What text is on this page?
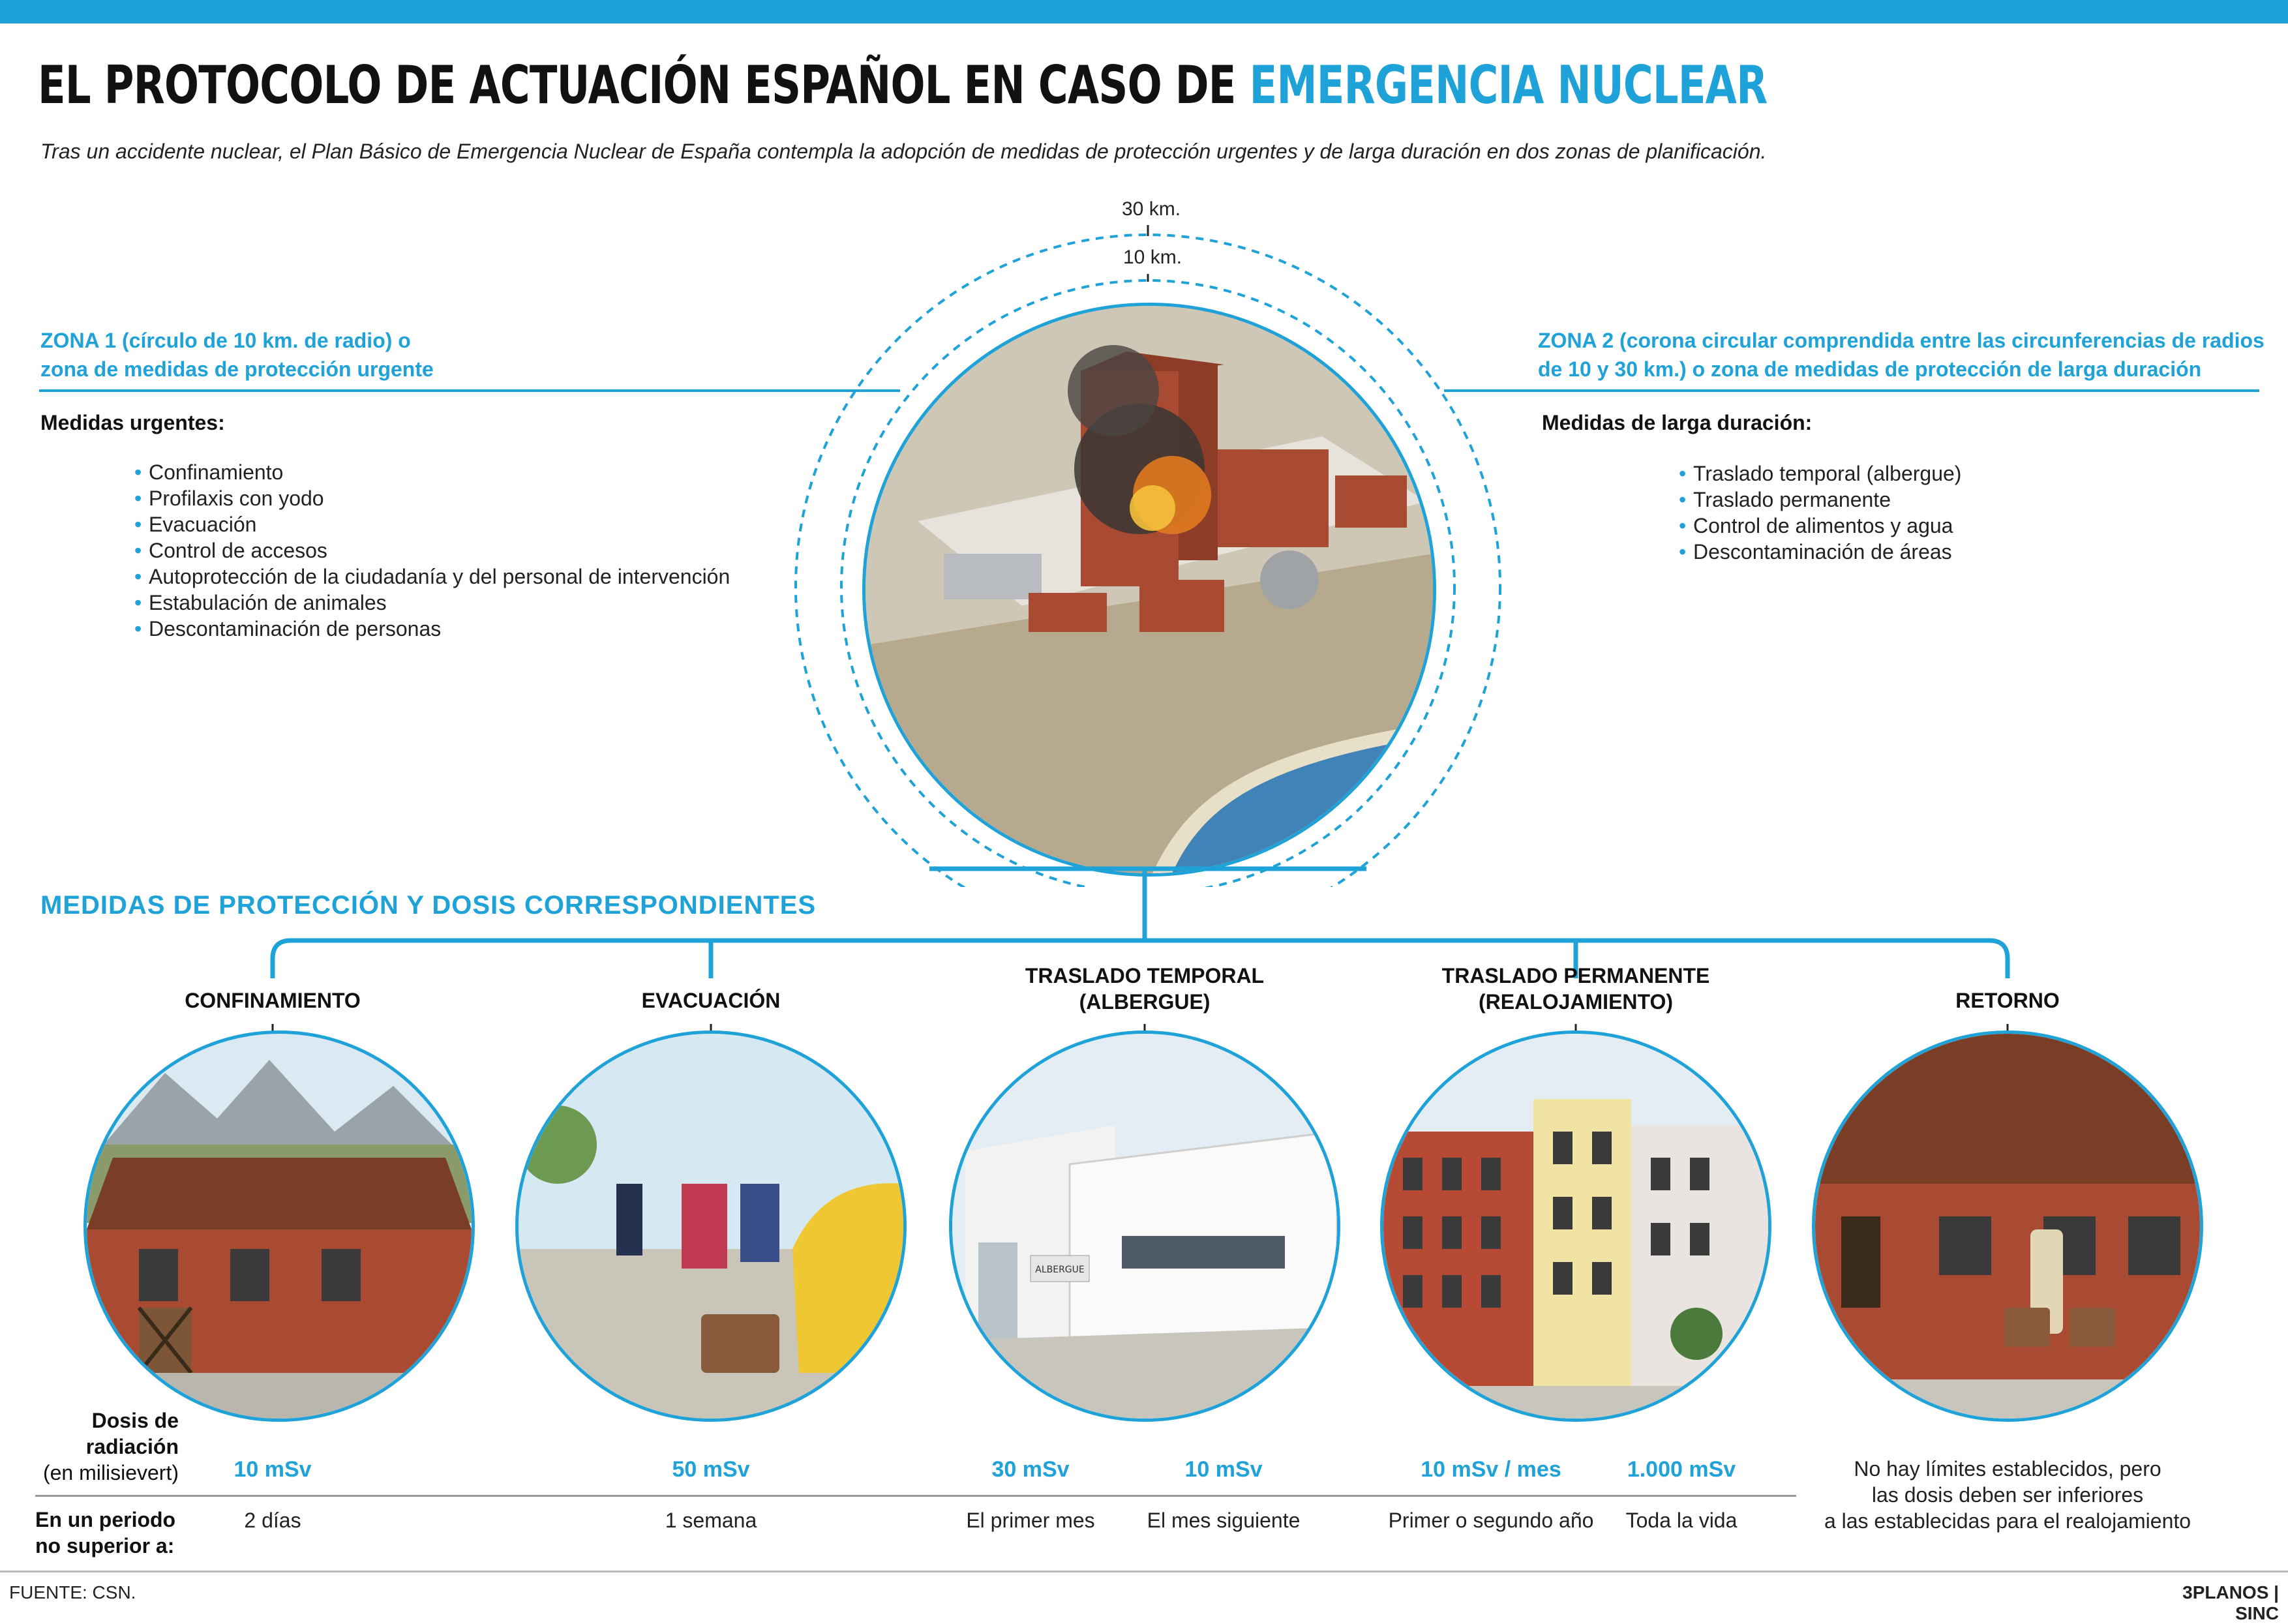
EL PROTOCOLO DE ACTUACIÓN ESPAÑOL EN CASO DE EMERGENCIA NUCLEAR
Tras un accidente nuclear, el Plan Básico de Emergencia Nuclear de España contempla la adopción de medidas de protección urgentes y de larga duración en dos zonas de planificación.
30 km.
10 km.
ZONA 1 (círculo de 10 km. de radio) o
zona de medidas de protección urgente
Medidas urgentes:
• Confinamiento
• Profilaxis con yodo
• Evacuación
• Control de accesos
• Autoprotección de la ciudadanía y del personal de intervención
• Estabulación de animales
• Descontaminación de personas
ZONA 2 (corona circular comprendida entre las circunferencias de radios
de 10 y 30 km.) o zona de medidas de protección de larga duración
Medidas de larga duración:
• Traslado temporal (albergue)
• Traslado permanente
• Control de alimentos y agua
• Descontaminación de áreas
MEDIDAS DE PROTECCIÓN Y DOSIS CORRESPONDIENTES
CONFINAMIENTO	EVACUACIÓN
TRASLADO TEMPORAL
(ALBERGUE)
TRASLADO PERMANENTE
(REALOJAMIENTO)	RETORNO
ALBERGUE
Dosis de
radiación
(en milisievert)
En un periodo
no superior a:
10 mSv	50 mSv	30 mSv	10 mSv	10 mSv / mes	1.000 mSv
2 días	1 semana	El primer mes	El mes siguiente	Primer o segundo año	Toda la vida
No hay límites establecidos, pero
las dosis deben ser inferiores
a las establecidas para el realojamiento
FUENTE: CSN.	3PLANOS | SINC
